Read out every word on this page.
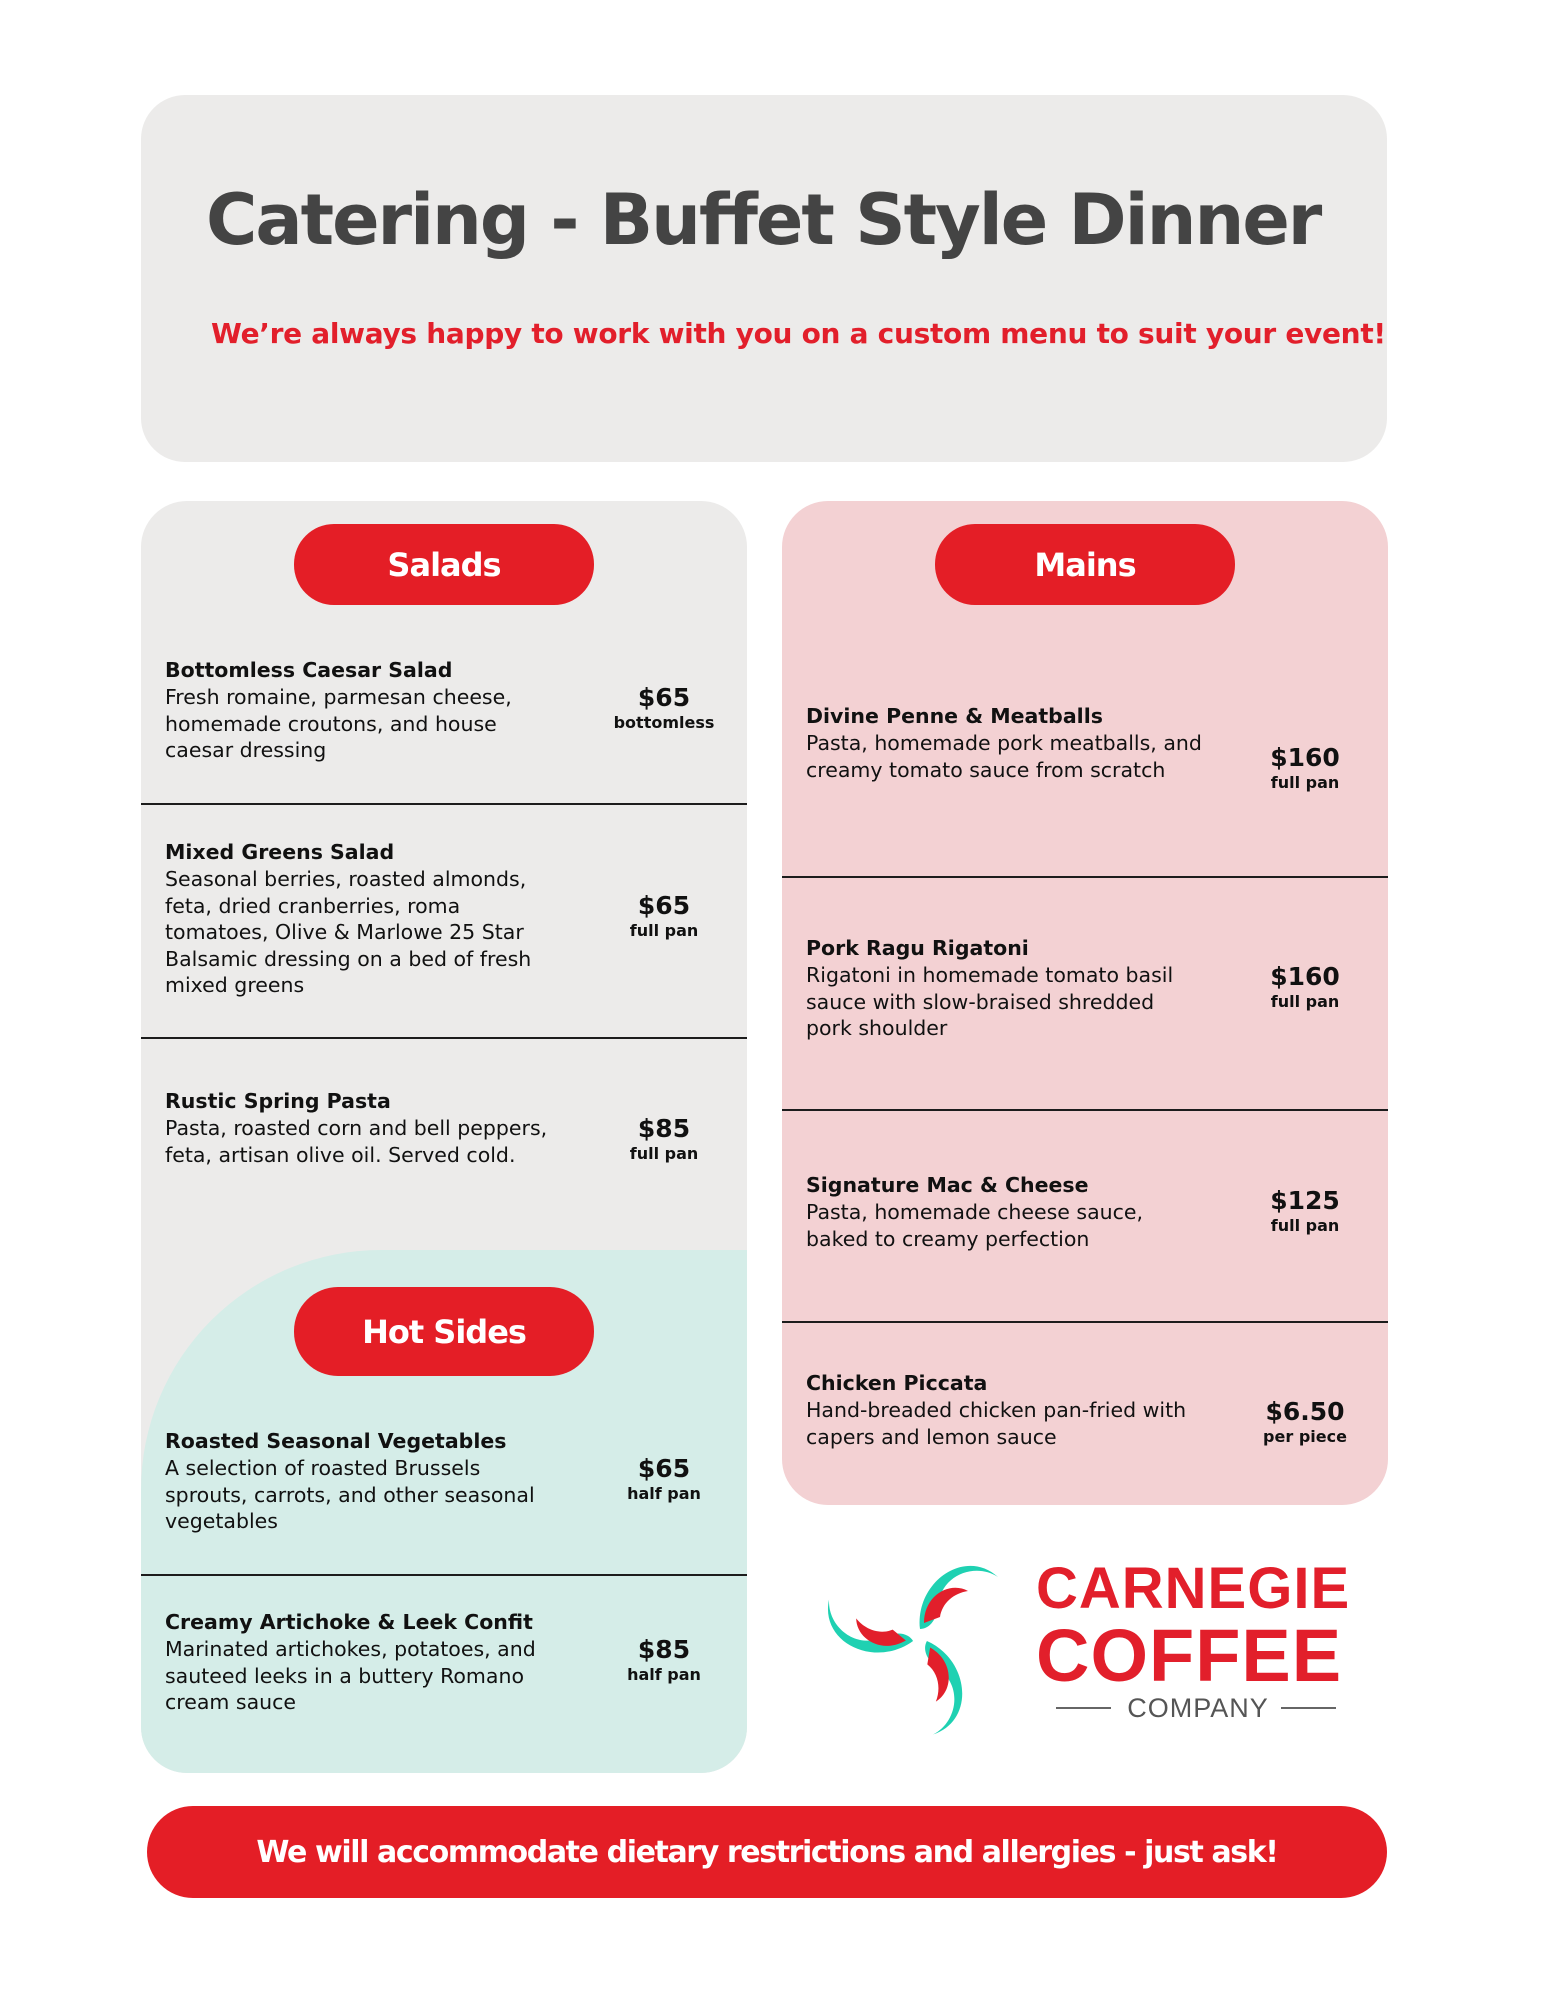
Catering - Buffet Style Dinner

We’re always happy to work with you on a custom menu to suit your event!

Salads
Bottomless Caesar Salad
Fresh romaine, parmesan cheese, homemade croutons, and house caesar dressing
$65
bottomless
Mixed Greens Salad
Seasonal berries, roasted almonds, feta, dried cranberries, roma tomatoes, Olive & Marlowe 25 Star Balsamic dressing on a bed of fresh mixed greens
$65
full pan
Rustic Spring Pasta
Pasta, roasted corn and bell peppers, feta, artisan olive oil. Served cold.
$85
full pan
Hot Sides
Roasted Seasonal Vegetables
A selection of roasted Brussels sprouts, carrots, and other seasonal vegetables
$65
half pan
Creamy Artichoke & Leek Confit
Marinated artichokes, potatoes, and sauteed leeks in a buttery Romano cream sauce
$85
half pan
Mains
Divine Penne & Meatballs
Pasta, homemade pork meatballs, and creamy tomato sauce from scratch	$160
full pan
Pork Ragu Rigatoni
Rigatoni in homemade tomato basil sauce with slow-braised shredded pork shoulder
$160
full pan
Signature Mac & Cheese
Pasta, homemade cheese sauce, baked to creamy perfection
$125
full pan
Chicken Piccata
Hand-breaded chicken pan-fried with capers and lemon sauce
$6.50
per piece
CARNEGIE
COFFEE
COMPANY
We will accommodate dietary restrictions and allergies - just ask!
